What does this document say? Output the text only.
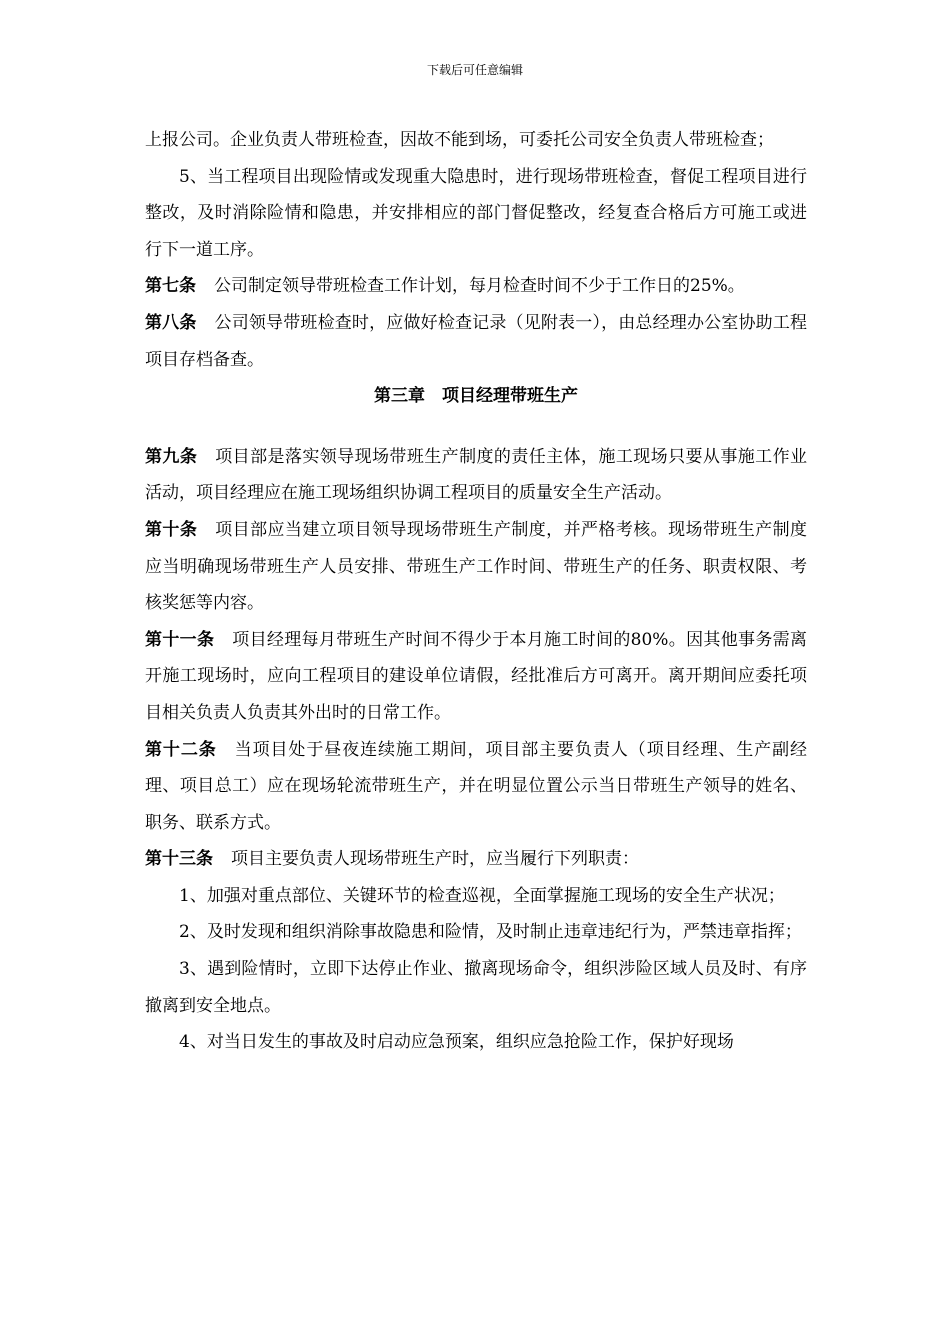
下载后可任意编辑

上报公司。企业负责人带班检查，因故不能到场，可委托公司安全负责人带班检查；

5、当工程项目出现险情或发现重大隐患时，进行现场带班检查，督促工程项目进行整改，及时消除险情和隐患，并安排相应的部门督促整改，经复查合格后方可施工或进行下一道工序。

第七条 公司制定领导带班检查工作计划，每月检查时间不少于工作日的25%。

第八条 公司领导带班检查时，应做好检查记录（见附表一），由总经理办公室协助工程项目存档备查。

第三章　项目经理带班生产

第九条 项目部是落实领导现场带班生产制度的责任主体，施工现场只要从事施工作业活动，项目经理应在施工现场组织协调工程项目的质量安全生产活动。

第十条 项目部应当建立项目领导现场带班生产制度，并严格考核。现场带班生产制度应当明确现场带班生产人员安排、带班生产工作时间、带班生产的任务、职责权限、考核奖惩等内容。

第十一条 项目经理每月带班生产时间不得少于本月施工时间的80%。因其他事务需离开施工现场时，应向工程项目的建设单位请假，经批准后方可离开。离开期间应委托项目相关负责人负责其外出时的日常工作。

第十二条 当项目处于昼夜连续施工期间，项目部主要负责人（项目经理、生产副经理、项目总工）应在现场轮流带班生产，并在明显位置公示当日带班生产领导的姓名、职务、联系方式。

第十三条 项目主要负责人现场带班生产时，应当履行下列职责：

1、加强对重点部位、关键环节的检查巡视，全面掌握施工现场的安全生产状况；

2、及时发现和组织消除事故隐患和险情，及时制止违章违纪行为，严禁违章指挥；

3、遇到险情时，立即下达停止作业、撤离现场命令，组织涉险区域人员及时、有序撤离到安全地点。

4、对当日发生的事故及时启动应急预案，组织应急抢险工作，保护好现场
